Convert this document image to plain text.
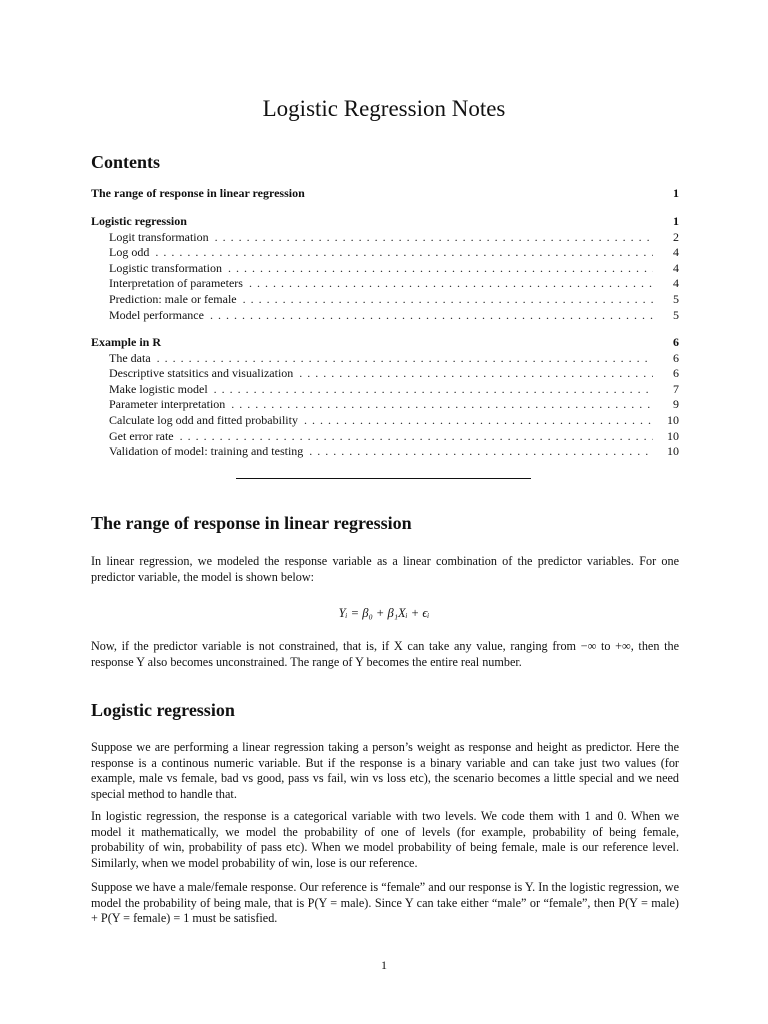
Logistic Regression Notes
Contents
The range of response in linear regression	1
Logistic regression	1
Logit transformation . . .	2
Log odd . . .	4
Logistic transformation . . .	4
Interpretation of parameters . . .	4
Prediction: male or female . . .	5
Model performance . . .	5
Example in R	6
The data . . .	6
Descriptive statsitics and visualization . . .	6
Make logistic model . . .	7
Parameter interpretation . . .	9
Calculate log odd and fitted probability . . .	10
Get error rate . . .	10
Validation of model: training and testing . . .	10
The range of response in linear regression
In linear regression, we modeled the response variable as a linear combination of the predictor variables. For one predictor variable, the model is shown below:
Yᵢ = β₀ + β₁Xᵢ + ϵᵢ
Now, if the predictor variable is not constrained, that is, if X can take any value, ranging from −∞ to +∞, then the response Y also becomes unconstrained. The range of Y becomes the entire real number.
Logistic regression
Suppose we are performing a linear regression taking a person’s weight as response and height as predictor. Here the response is a continous numeric variable. But if the response is a binary variable and can take just two values (for example, male vs female, bad vs good, pass vs fail, win vs loss etc), the scenario becomes a little special and we need special method to handle that.
In logistic regression, the response is a categorical variable with two levels. We code them with 1 and 0. When we model it mathematically, we model the probability of one of levels (for example, probability of being female, probability of win, probability of pass etc). When we model probability of being female, male is our reference level. Similarly, when we model probability of win, lose is our reference.
Suppose we have a male/female response. Our reference is “female” and our response is Y. In the logistic regression, we model the probability of being male, that is P(Y = male). Since Y can take either “male” or “female”, then P(Y = male) + P(Y = female) = 1 must be satisfied.
1
